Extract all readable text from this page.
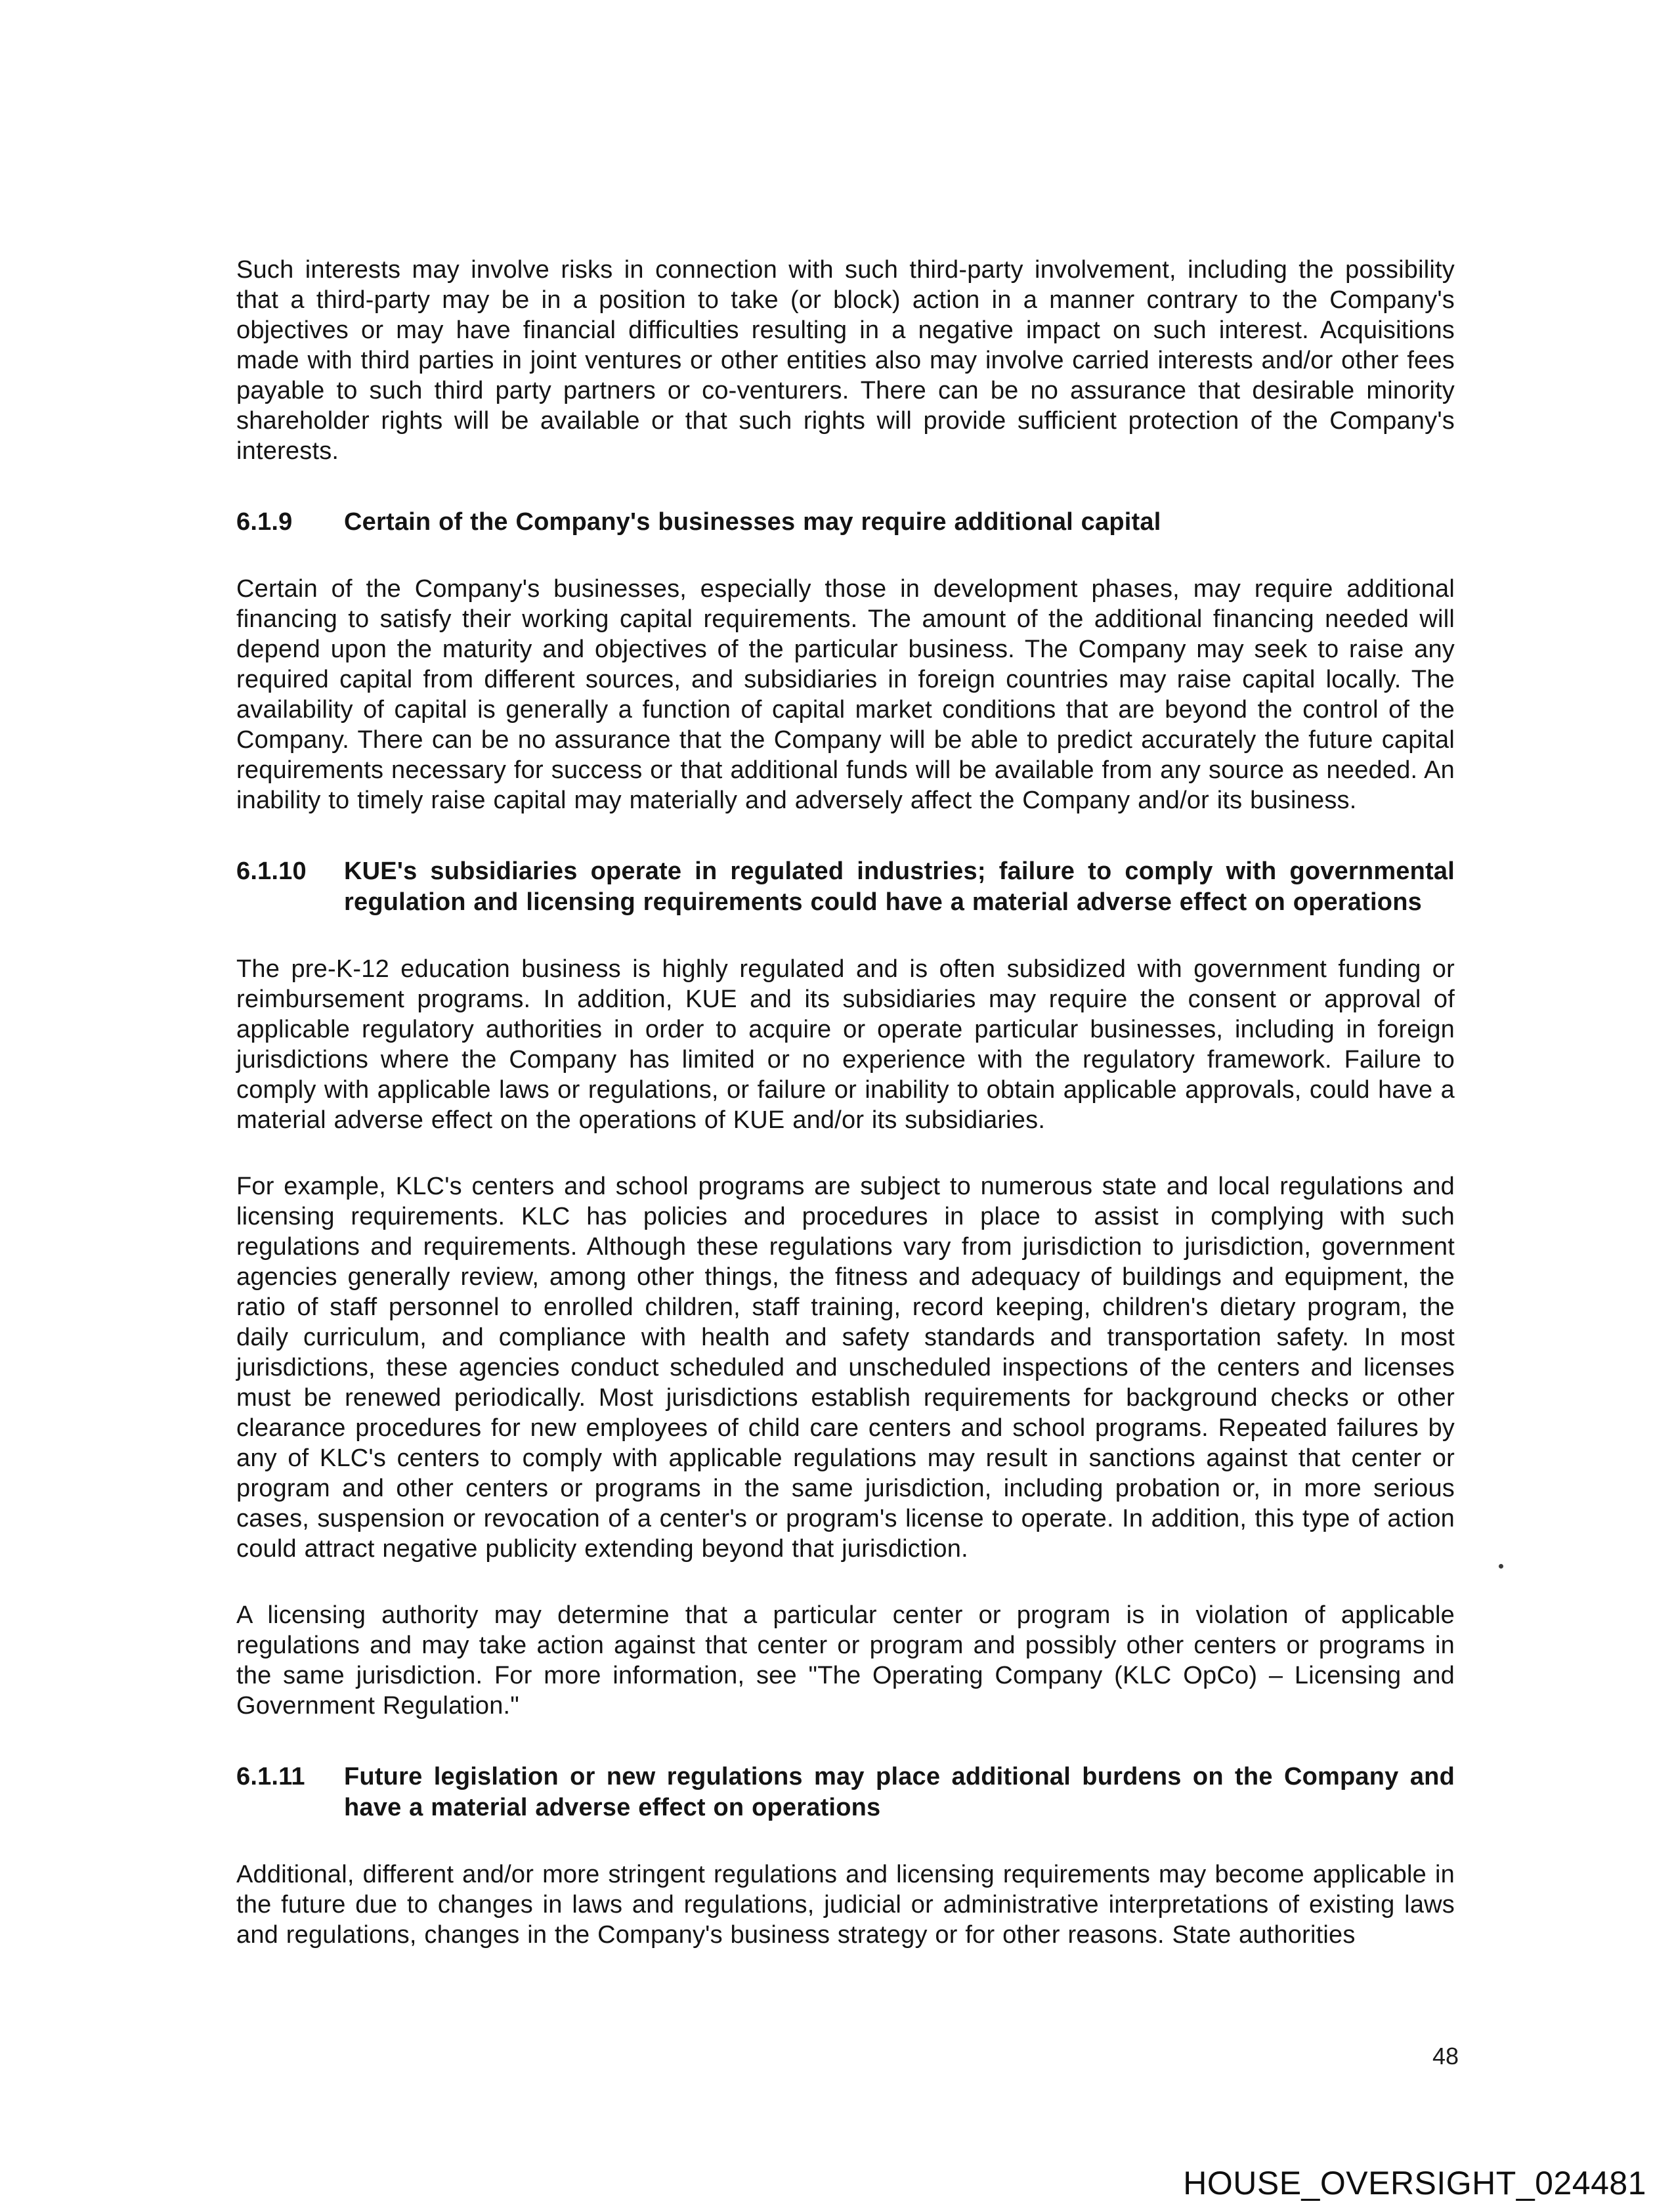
Such interests may involve risks in connection with such third-party involvement, including the possibility that a third-party may be in a position to take (or block) action in a manner contrary to the Company's objectives or may have financial difficulties resulting in a negative impact on such interest. Acquisitions made with third parties in joint ventures or other entities also may involve carried interests and/or other fees payable to such third party partners or co-venturers. There can be no assurance that desirable minority shareholder rights will be available or that such rights will provide sufficient protection of the Company's interests.

6.1.9	Certain of the Company's businesses may require additional capital

Certain of the Company's businesses, especially those in development phases, may require additional financing to satisfy their working capital requirements. The amount of the additional financing needed will depend upon the maturity and objectives of the particular business. The Company may seek to raise any required capital from different sources, and subsidiaries in foreign countries may raise capital locally. The availability of capital is generally a function of capital market conditions that are beyond the control of the Company. There can be no assurance that the Company will be able to predict accurately the future capital requirements necessary for success or that additional funds will be available from any source as needed. An inability to timely raise capital may materially and adversely affect the Company and/or its business.

6.1.10	KUE's subsidiaries operate in regulated industries; failure to comply with governmental regulation and licensing requirements could have a material adverse effect on operations

The pre-K-12 education business is highly regulated and is often subsidized with government funding or reimbursement programs. In addition, KUE and its subsidiaries may require the consent or approval of applicable regulatory authorities in order to acquire or operate particular businesses, including in foreign jurisdictions where the Company has limited or no experience with the regulatory framework. Failure to comply with applicable laws or regulations, or failure or inability to obtain applicable approvals, could have a material adverse effect on the operations of KUE and/or its subsidiaries.

For example, KLC's centers and school programs are subject to numerous state and local regulations and licensing requirements. KLC has policies and procedures in place to assist in complying with such regulations and requirements. Although these regulations vary from jurisdiction to jurisdiction, government agencies generally review, among other things, the fitness and adequacy of buildings and equipment, the ratio of staff personnel to enrolled children, staff training, record keeping, children's dietary program, the daily curriculum, and compliance with health and safety standards and transportation safety. In most jurisdictions, these agencies conduct scheduled and unscheduled inspections of the centers and licenses must be renewed periodically. Most jurisdictions establish requirements for background checks or other clearance procedures for new employees of child care centers and school programs. Repeated failures by any of KLC's centers to comply with applicable regulations may result in sanctions against that center or program and other centers or programs in the same jurisdiction, including probation or, in more serious cases, suspension or revocation of a center's or program's license to operate. In addition, this type of action could attract negative publicity extending beyond that jurisdiction.

A licensing authority may determine that a particular center or program is in violation of applicable regulations and may take action against that center or program and possibly other centers or programs in the same jurisdiction. For more information, see "The Operating Company (KLC OpCo) – Licensing and Government Regulation."

6.1.11	Future legislation or new regulations may place additional burdens on the Company and have a material adverse effect on operations

Additional, different and/or more stringent regulations and licensing requirements may become applicable in the future due to changes in laws and regulations, judicial or administrative interpretations of existing laws and regulations, changes in the Company's business strategy or for other reasons. State authorities

48
HOUSE_OVERSIGHT_024481
